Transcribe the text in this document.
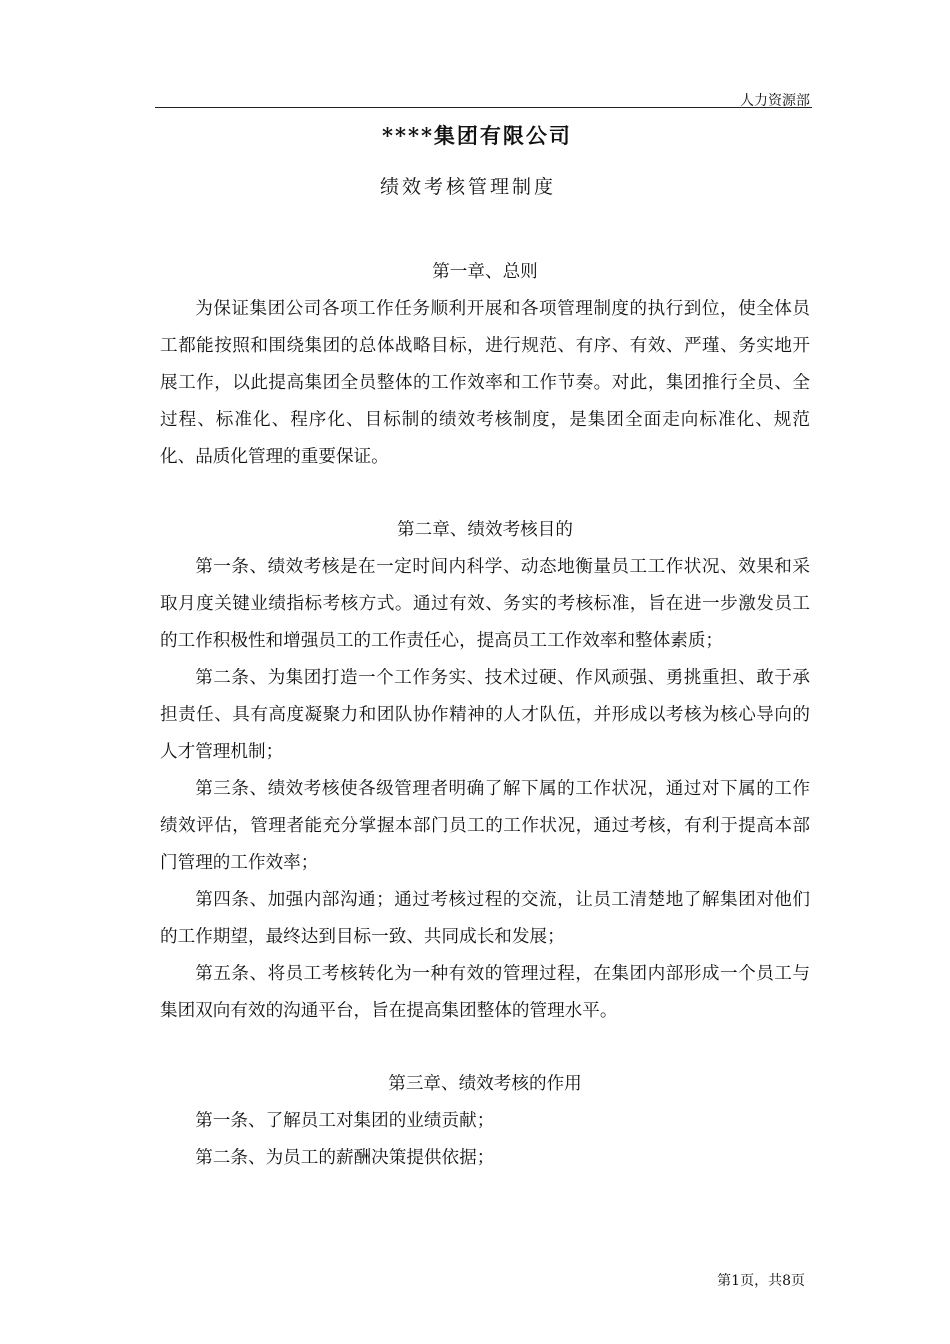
人力资源部
****集团有限公司
绩效考核管理制度

第一章、总则

为保证集团公司各项工作任务顺利开展和各项管理制度的执行到位，使全体员工都能按照和围绕集团的总体战略目标，进行规范、有序、有效、严瑾、务实地开展工作，以此提高集团全员整体的工作效率和工作节奏。对此，集团推行全员、全过程、标准化、程序化、目标制的绩效考核制度，是集团全面走向标准化、规范化、品质化管理的重要保证。

第二章、绩效考核目的

第一条、绩效考核是在一定时间内科学、动态地衡量员工工作状况、效果和采取月度关键业绩指标考核方式。通过有效、务实的考核标准，旨在进一步激发员工的工作积极性和增强员工的工作责任心，提高员工工作效率和整体素质；

第二条、为集团打造一个工作务实、技术过硬、作风顽强、勇挑重担、敢于承担责任、具有高度凝聚力和团队协作精神的人才队伍，并形成以考核为核心导向的人才管理机制；

第三条、绩效考核使各级管理者明确了解下属的工作状况，通过对下属的工作绩效评估，管理者能充分掌握本部门员工的工作状况，通过考核，有利于提高本部门管理的工作效率；

第四条、加强内部沟通；通过考核过程的交流，让员工清楚地了解集团对他们的工作期望，最终达到目标一致、共同成长和发展；

第五条、将员工考核转化为一种有效的管理过程，在集团内部形成一个员工与集团双向有效的沟通平台，旨在提高集团整体的管理水平。

第三章、绩效考核的作用

第一条、了解员工对集团的业绩贡献；

第二条、为员工的薪酬决策提供依据；

第1页，共8页
